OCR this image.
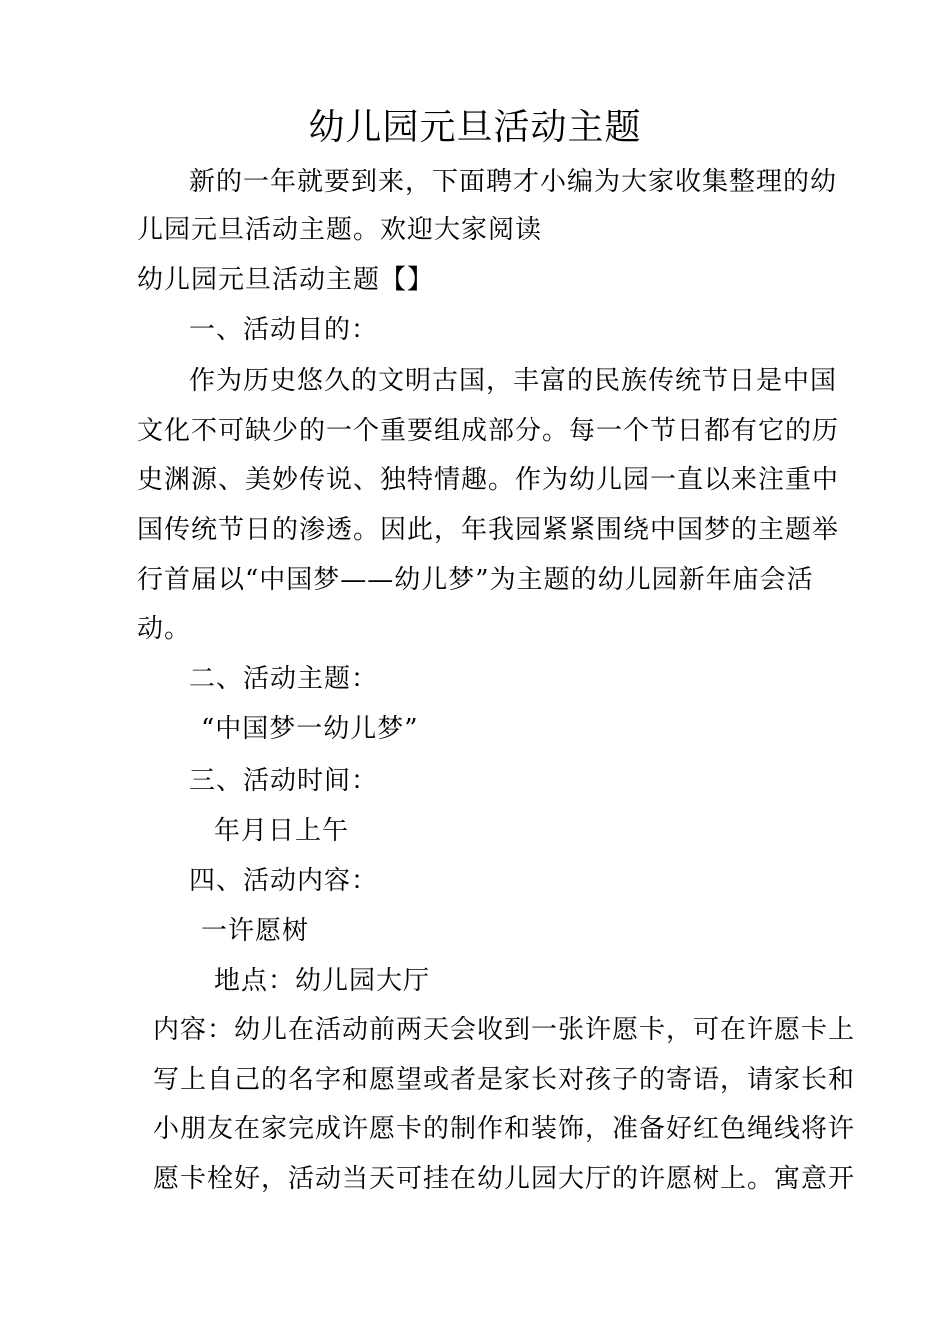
幼儿园元旦活动主题
新的一年就要到来，下面聘才小编为大家收集整理的幼
儿园元旦活动主题。欢迎大家阅读
幼儿园元旦活动主题【】
一、活动目的：
作为历史悠久的文明古国，丰富的民族传统节日是中国
文化不可缺少的一个重要组成部分。每一个节日都有它的历
史渊源、美妙传说、独特情趣。作为幼儿园一直以来注重中
国传统节日的渗透。因此，年我园紧紧围绕中国梦的主题举
行首届以“中国梦——幼儿梦”为主题的幼儿园新年庙会活
动。
二、活动主题：
“中国梦一幼儿梦”
三、活动时间：
年月日上午
四、活动内容：
一许愿树
地点：幼儿园大厅
内容：幼儿在活动前两天会收到一张许愿卡，可在许愿卡上
写上自己的名字和愿望或者是家长对孩子的寄语，请家长和
小朋友在家完成许愿卡的制作和装饰，准备好红色绳线将许
愿卡栓好，活动当天可挂在幼儿园大厅的许愿树上。寓意开
